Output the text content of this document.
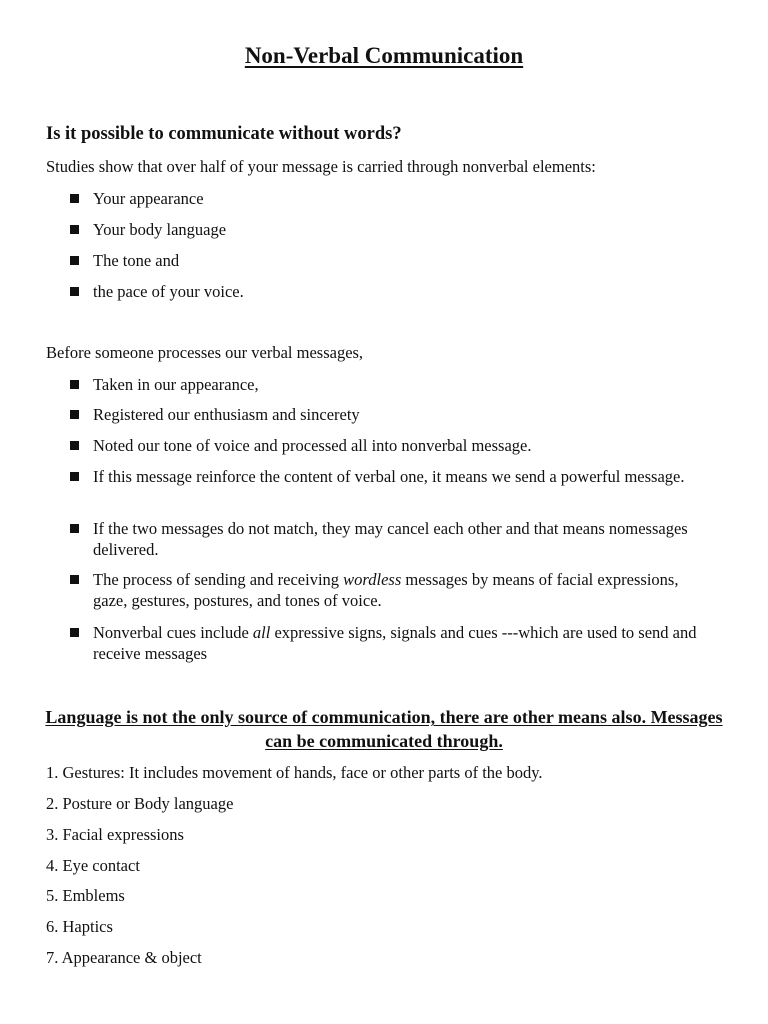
Non-Verbal Communication
Is it possible to communicate without words?
Studies show that over half of your message is carried through nonverbal elements:
Your appearance
Your body language
The tone and
the pace of your voice.
Before someone processes our verbal messages,
Taken in our appearance,
Registered our enthusiasm and sincerety
Noted our tone of voice and processed all into nonverbal message.
If this message reinforce the content of verbal one, it means we send a powerful message.
If the two messages do not match, they may cancel each other and that means nomessages delivered.
The process of sending and receiving wordless messages by means of facial expressions, gaze, gestures, postures, and tones of voice.
Nonverbal cues include all expressive signs, signals and cues ---which are used to send and receive messages
Language is not the only source of communication, there are other means also. Messages can be communicated through.
1. Gestures: It includes movement of hands, face or other parts of the body.
2. Posture or Body language
3. Facial expressions
4. Eye contact
5. Emblems
6. Haptics
7. Appearance & object
